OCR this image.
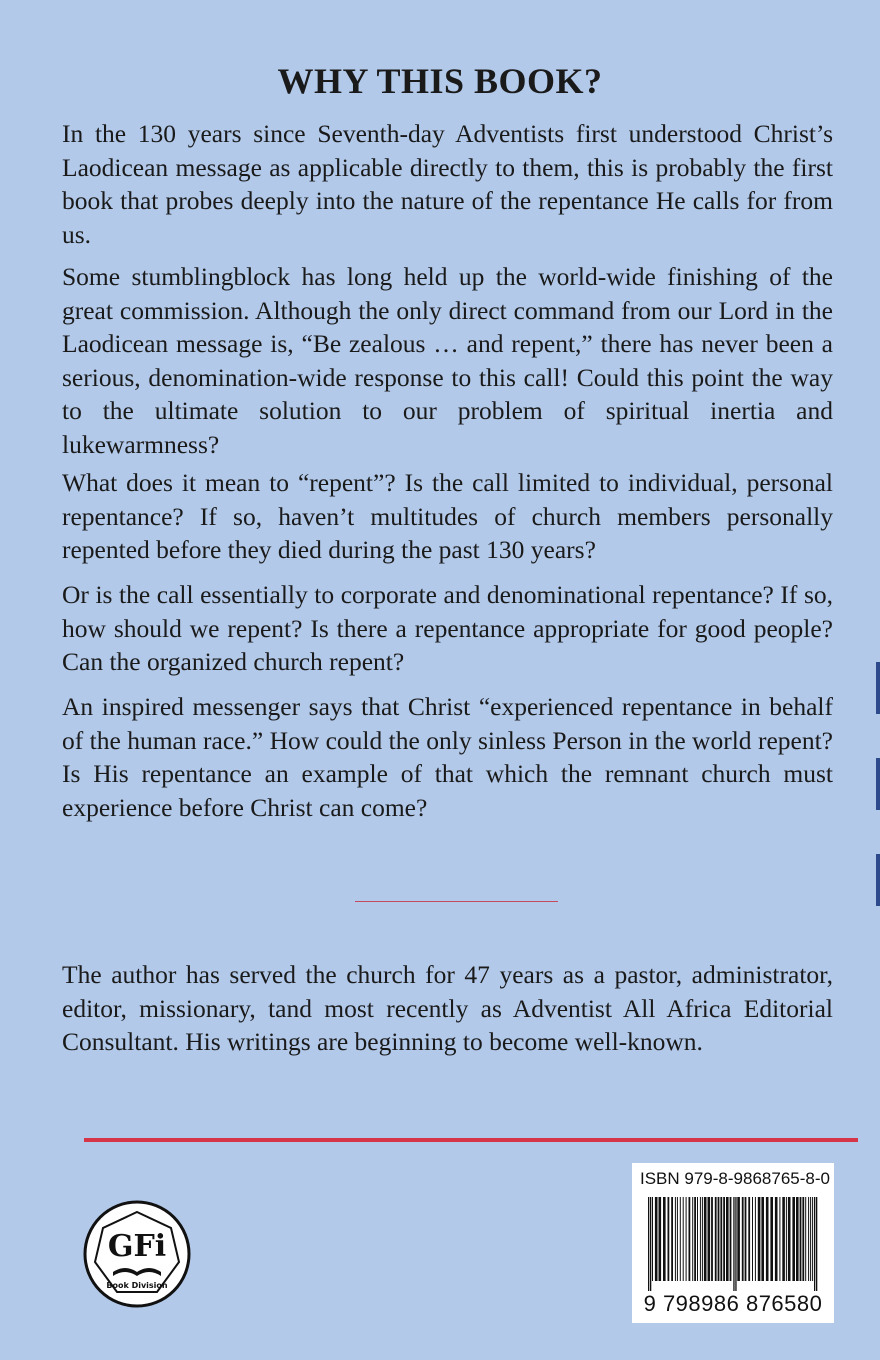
WHY THIS BOOK?

In the 130 years since Seventh-day Adventists first understood Christ’s Laodicean message as applicable directly to them, this is probably the first book that probes deeply into the nature of the repentance He calls for from us.

Some stumblingblock has long held up the world-wide finishing of the great commission. Although the only direct command from our Lord in the Laodicean message is, “Be zealous … and repent,” there has never been a serious, denomination-wide response to this call! Could this point the way to the ultimate solution to our problem of spiritual inertia and lukewarmness?

What does it mean to “repent”? Is the call limited to individual, personal repentance? If so, haven’t multitudes of church members personally repented before they died during the past 130 years?

Or is the call essentially to corporate and denominational repentance? If so, how should we repent? Is there a repentance appropriate for good people? Can the organized church repent?

An inspired messenger says that Christ “experienced repentance in behalf of the human race.” How could the only sinless Person in the world repent? Is His repentance an example of that which the remnant church must experience before Christ can come?

The author has served the church for 47 years as a pastor, administrator, editor, missionary, tand most recently as Adventist All Africa Editorial Consultant. His writings are beginning to become well-known.

GFi
Book Division
ISBN 979-8-9868765-8-0
9 798986 876580
